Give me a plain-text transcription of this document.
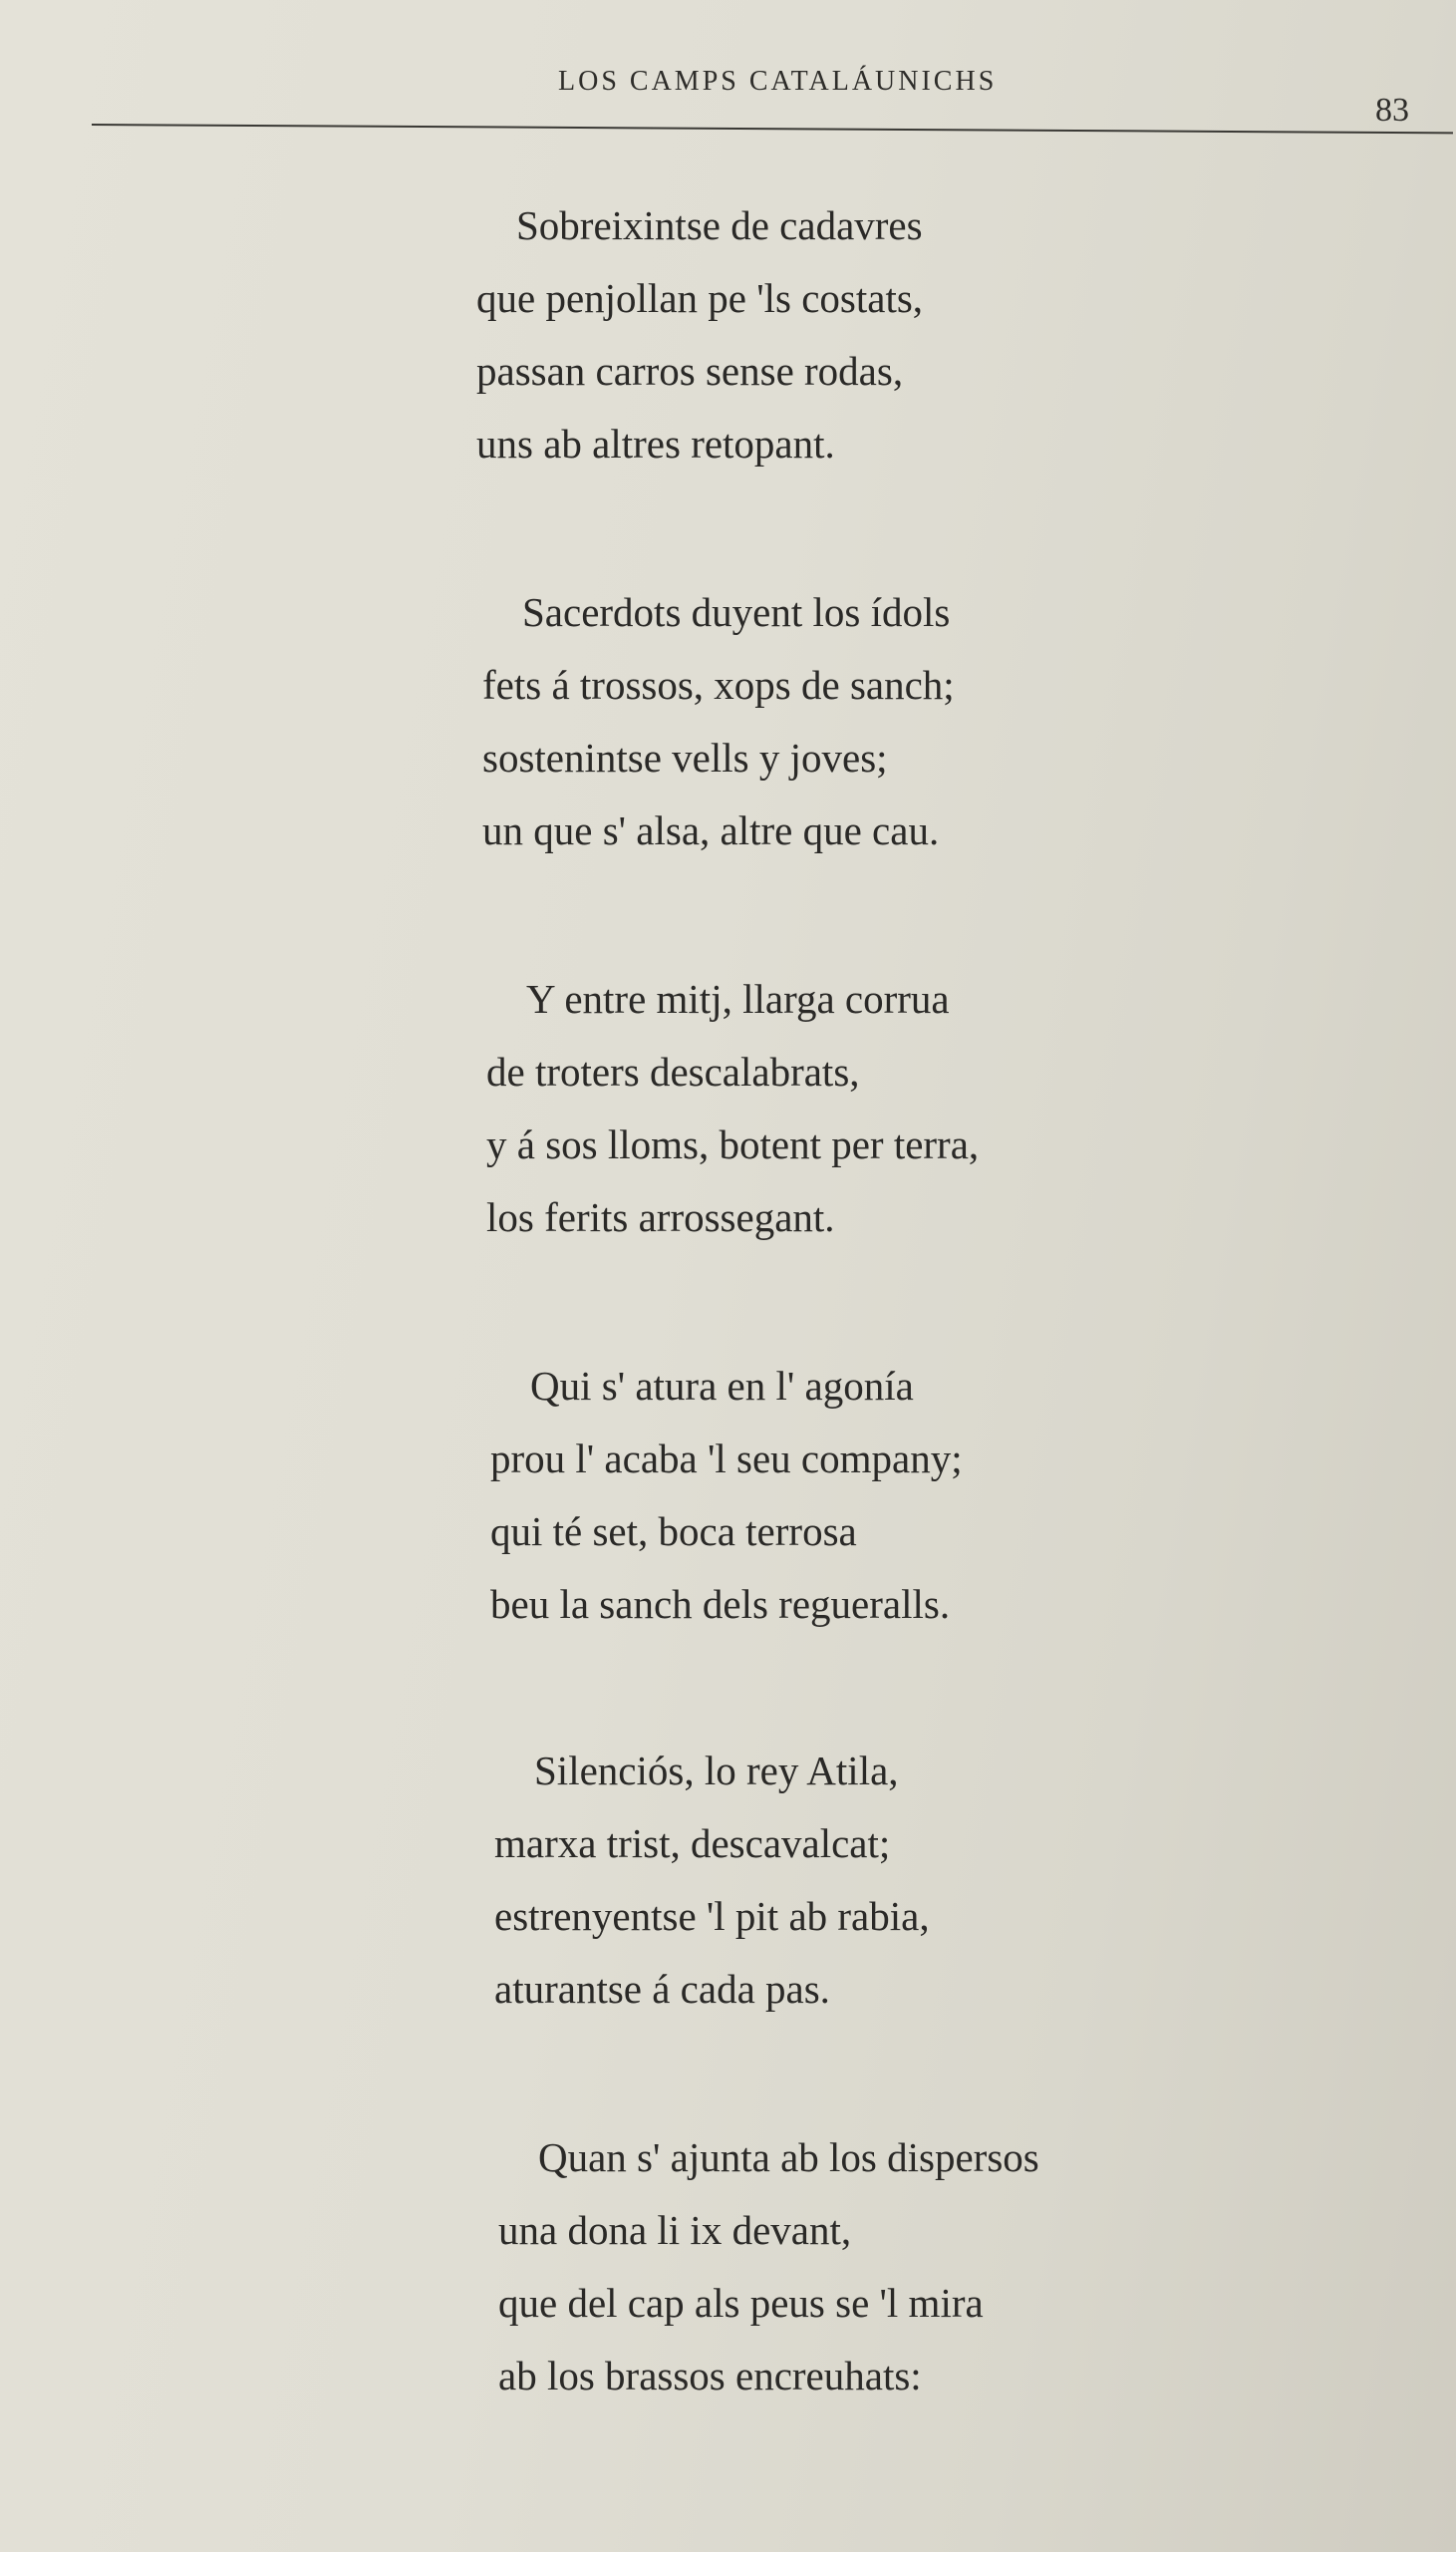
LOS CAMPS CATALÁUNICHS
83
Sobreixintse de cadavres
que penjollan pe 'ls costats,
passan carros sense rodas,
uns ab altres retopant.
Sacerdots duyent los ídols
fets á trossos, xops de sanch;
sostenintse vells y joves;
un que s' alsa, altre que cau.
Y entre mitj, llarga corrua
de troters descalabrats,
y á sos lloms, botent per terra,
los ferits arrossegant.
Qui s' atura en l' agonía
prou l' acaba 'l seu company;
qui té set, boca terrosa
beu la sanch dels regueralls.
Silenciós, lo rey Atila,
marxa trist, descavalcat;
estrenyentse 'l pit ab rabia,
aturantse á cada pas.
Quan s' ajunta ab los dispersos
una dona li ix devant,
que del cap als peus se 'l mira
ab los brassos encreuhats:
